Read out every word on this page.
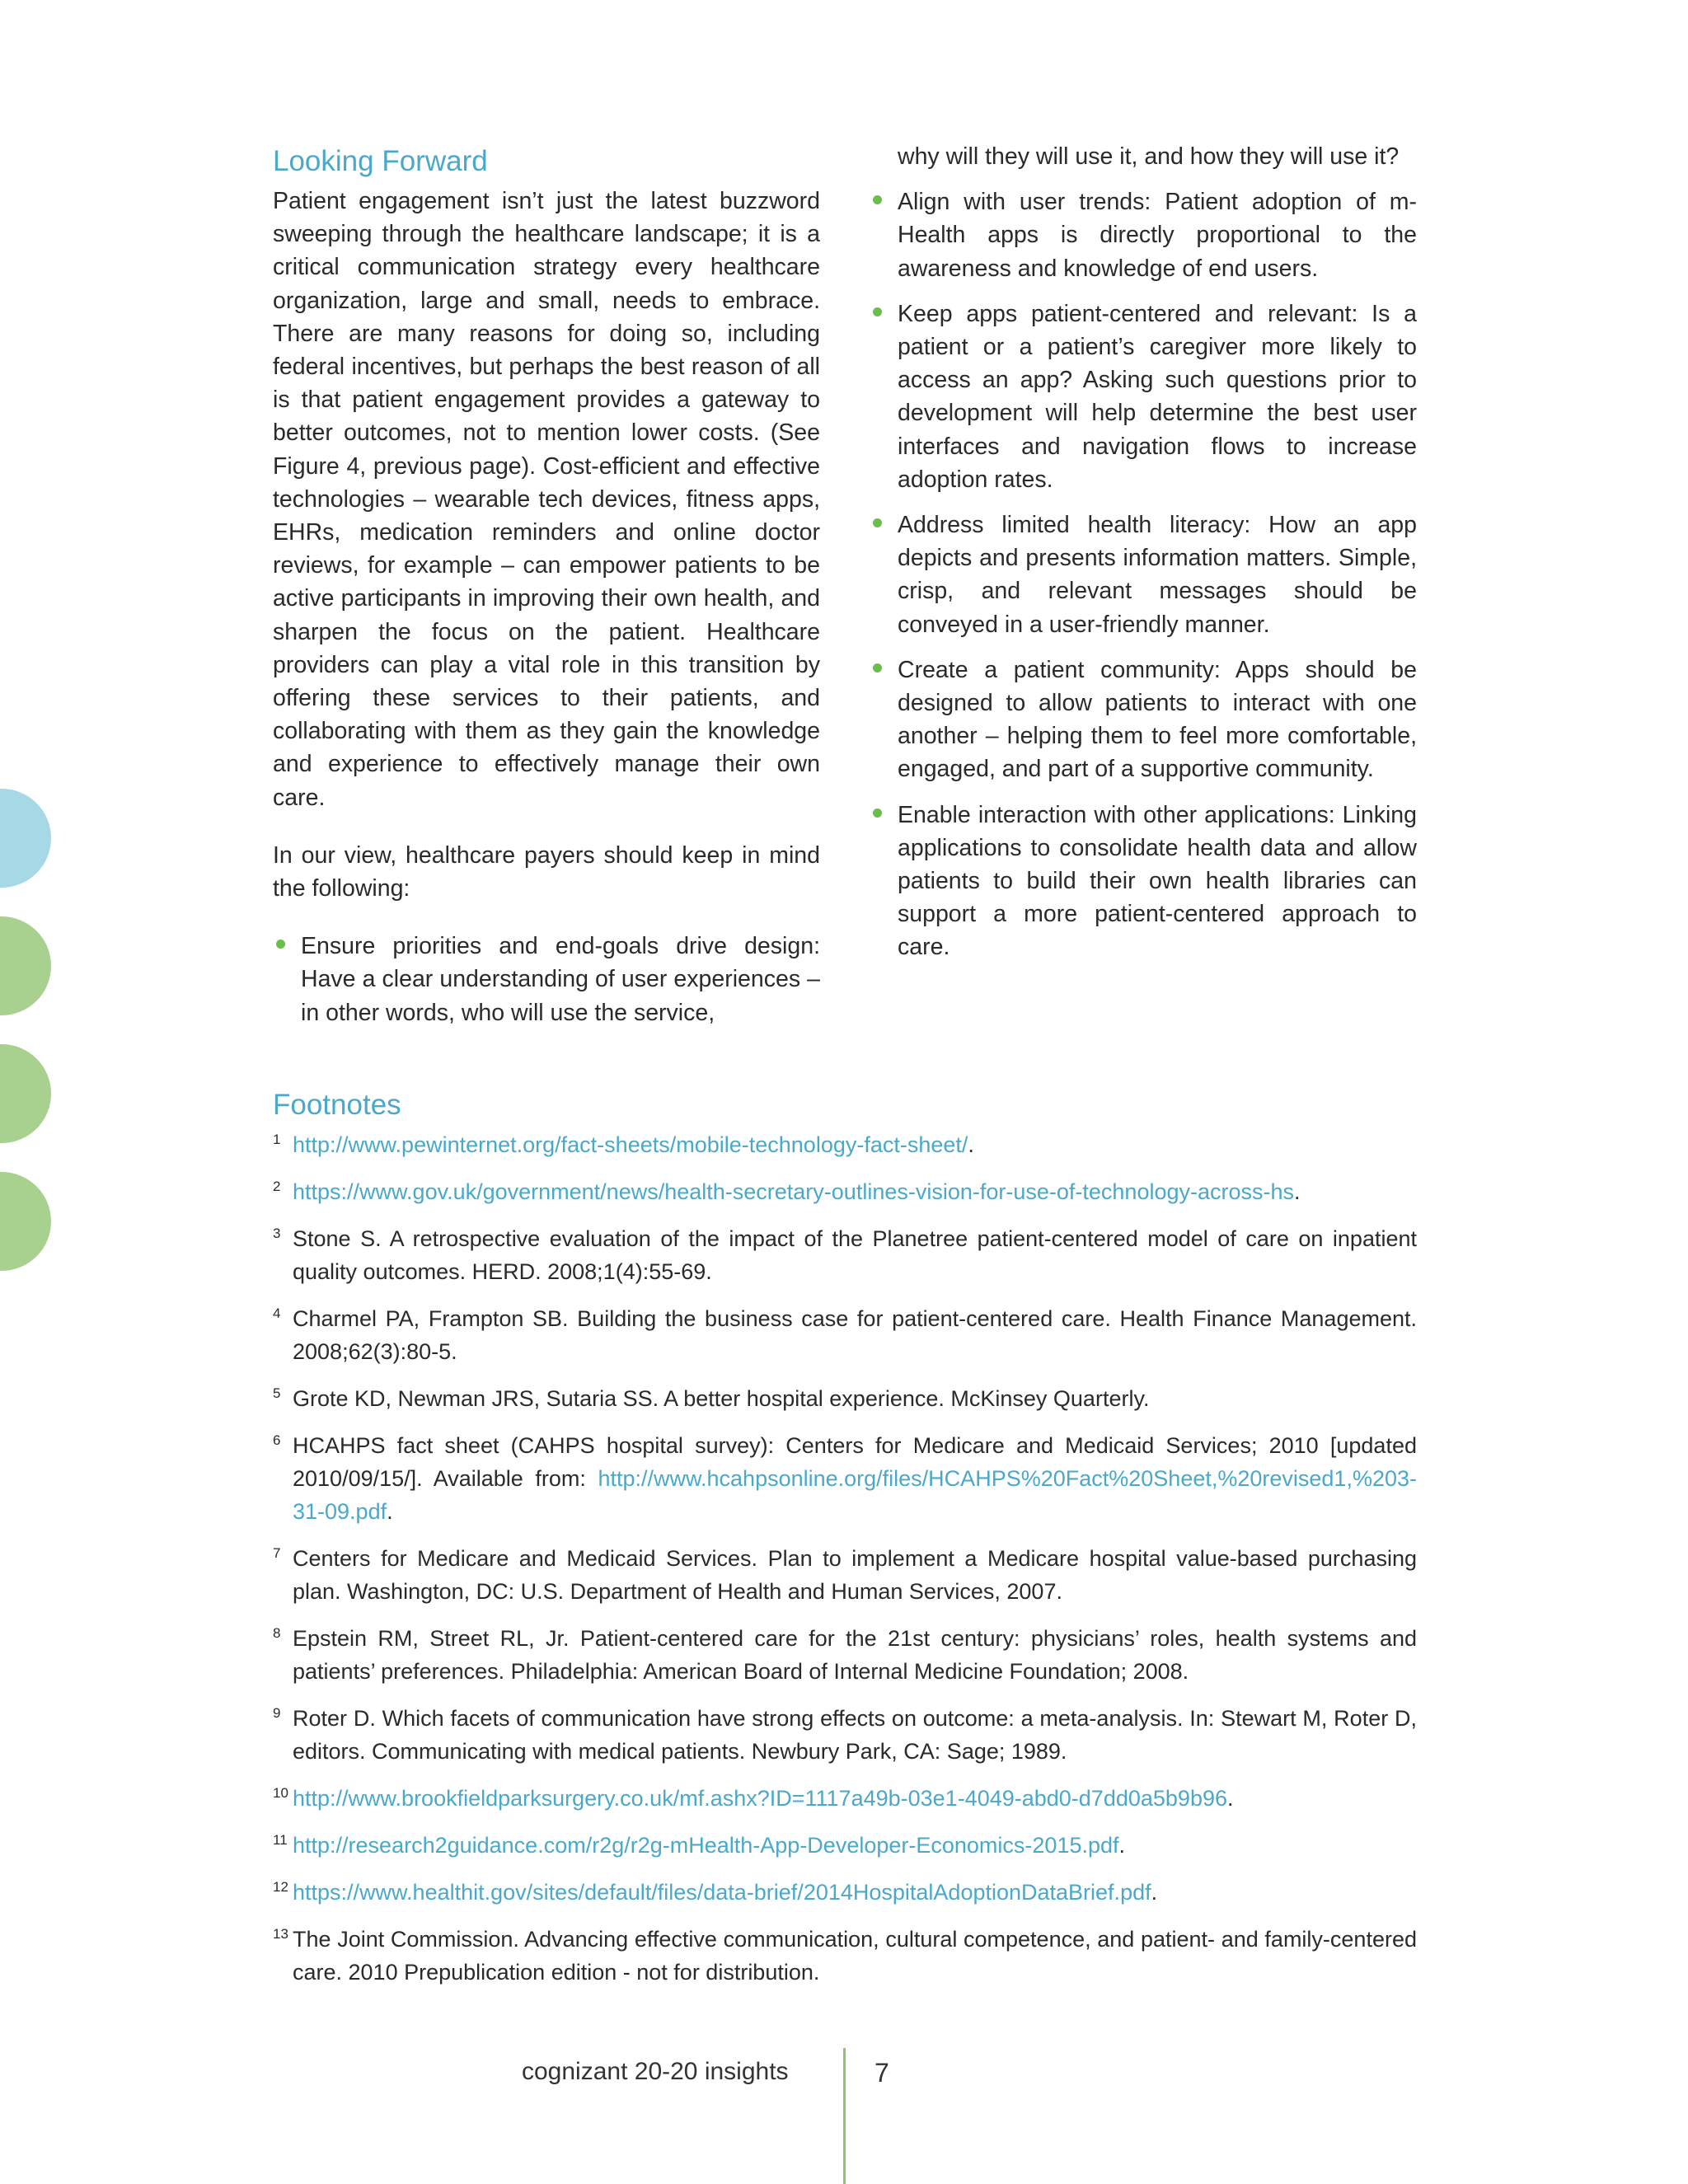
Looking Forward

Patient engagement isn’t just the latest buzzword sweeping through the healthcare landscape; it is a critical communication strategy every healthcare organization, large and small, needs to embrace. There are many reasons for doing so, including federal incentives, but perhaps the best reason of all is that patient engagement provides a gateway to better outcomes, not to mention lower costs. (See Figure 4, previous page). Cost-efficient and effective technologies – wearable tech devices, fitness apps, EHRs, medication reminders and online doctor reviews, for example – can empower patients to be active participants in improving their own health, and sharpen the focus on the patient. Healthcare providers can play a vital role in this transition by offering these services to their patients, and collaborating with them as they gain the knowledge and experience to effectively manage their own care.

In our view, healthcare payers should keep in mind the following:

Ensure priorities and end-goals drive design: Have a clear understanding of user experiences – in other words, who will use the service,

why will they will use it, and how they will use it?

Align with user trends: Patient adoption of m-Health apps is directly proportional to the awareness and knowledge of end users.
Keep apps patient-centered and relevant: Is a patient or a patient’s caregiver more likely to access an app? Asking such questions prior to development will help determine the best user interfaces and navigation flows to increase adoption rates.
Address limited health literacy: How an app depicts and presents information matters. Simple, crisp, and relevant messages should be conveyed in a user-friendly manner.
Create a patient community: Apps should be designed to allow patients to interact with one another – helping them to feel more comfortable, engaged, and part of a supportive community.
Enable interaction with other applications: Linking applications to consolidate health data and allow patients to build their own health libraries can support a more patient-centered approach to care.
Footnotes
1 http://www.pewinternet.org/fact-sheets/mobile-technology-fact-sheet/.
2 https://www.gov.uk/government/news/health-secretary-outlines-vision-for-use-of-technology-across-hs.
3 Stone S. A retrospective evaluation of the impact of the Planetree patient-centered model of care on inpatient quality outcomes. HERD. 2008;1(4):55-69.
4 Charmel PA, Frampton SB. Building the business case for patient-centered care. Health Finance Management. 2008;62(3):80-5.
5 Grote KD, Newman JRS, Sutaria SS. A better hospital experience. McKinsey Quarterly.
6 HCAHPS fact sheet (CAHPS hospital survey): Centers for Medicare and Medicaid Services; 2010 [updated 2010/09/15/]. Available from: http://www.hcahpsonline.org/files/HCAHPS%20Fact%20Sheet,%20revised1,%203-31-09.pdf.
7 Centers for Medicare and Medicaid Services. Plan to implement a Medicare hospital value-based purchasing plan. Washington, DC: U.S. Department of Health and Human Services, 2007.
8 Epstein RM, Street RL, Jr. Patient-centered care for the 21st century: physicians’ roles, health systems and patients’ preferences. Philadelphia: American Board of Internal Medicine Foundation; 2008.
9 Roter D. Which facets of communication have strong effects on outcome: a meta-analysis. In: Stewart M, Roter D, editors. Communicating with medical patients. Newbury Park, CA: Sage; 1989.
10 http://www.brookfieldparksurgery.co.uk/mf.ashx?ID=1117a49b-03e1-4049-abd0-d7dd0a5b9b96.
11 http://research2guidance.com/r2g/r2g-mHealth-App-Developer-Economics-2015.pdf.
12 https://www.healthit.gov/sites/default/files/data-brief/2014HospitalAdoptionDataBrief.pdf.
13 The Joint Commission. Advancing effective communication, cultural competence, and patient- and family-centered care. 2010 Prepublication edition - not for distribution.
cognizant 20-20 insights	7
